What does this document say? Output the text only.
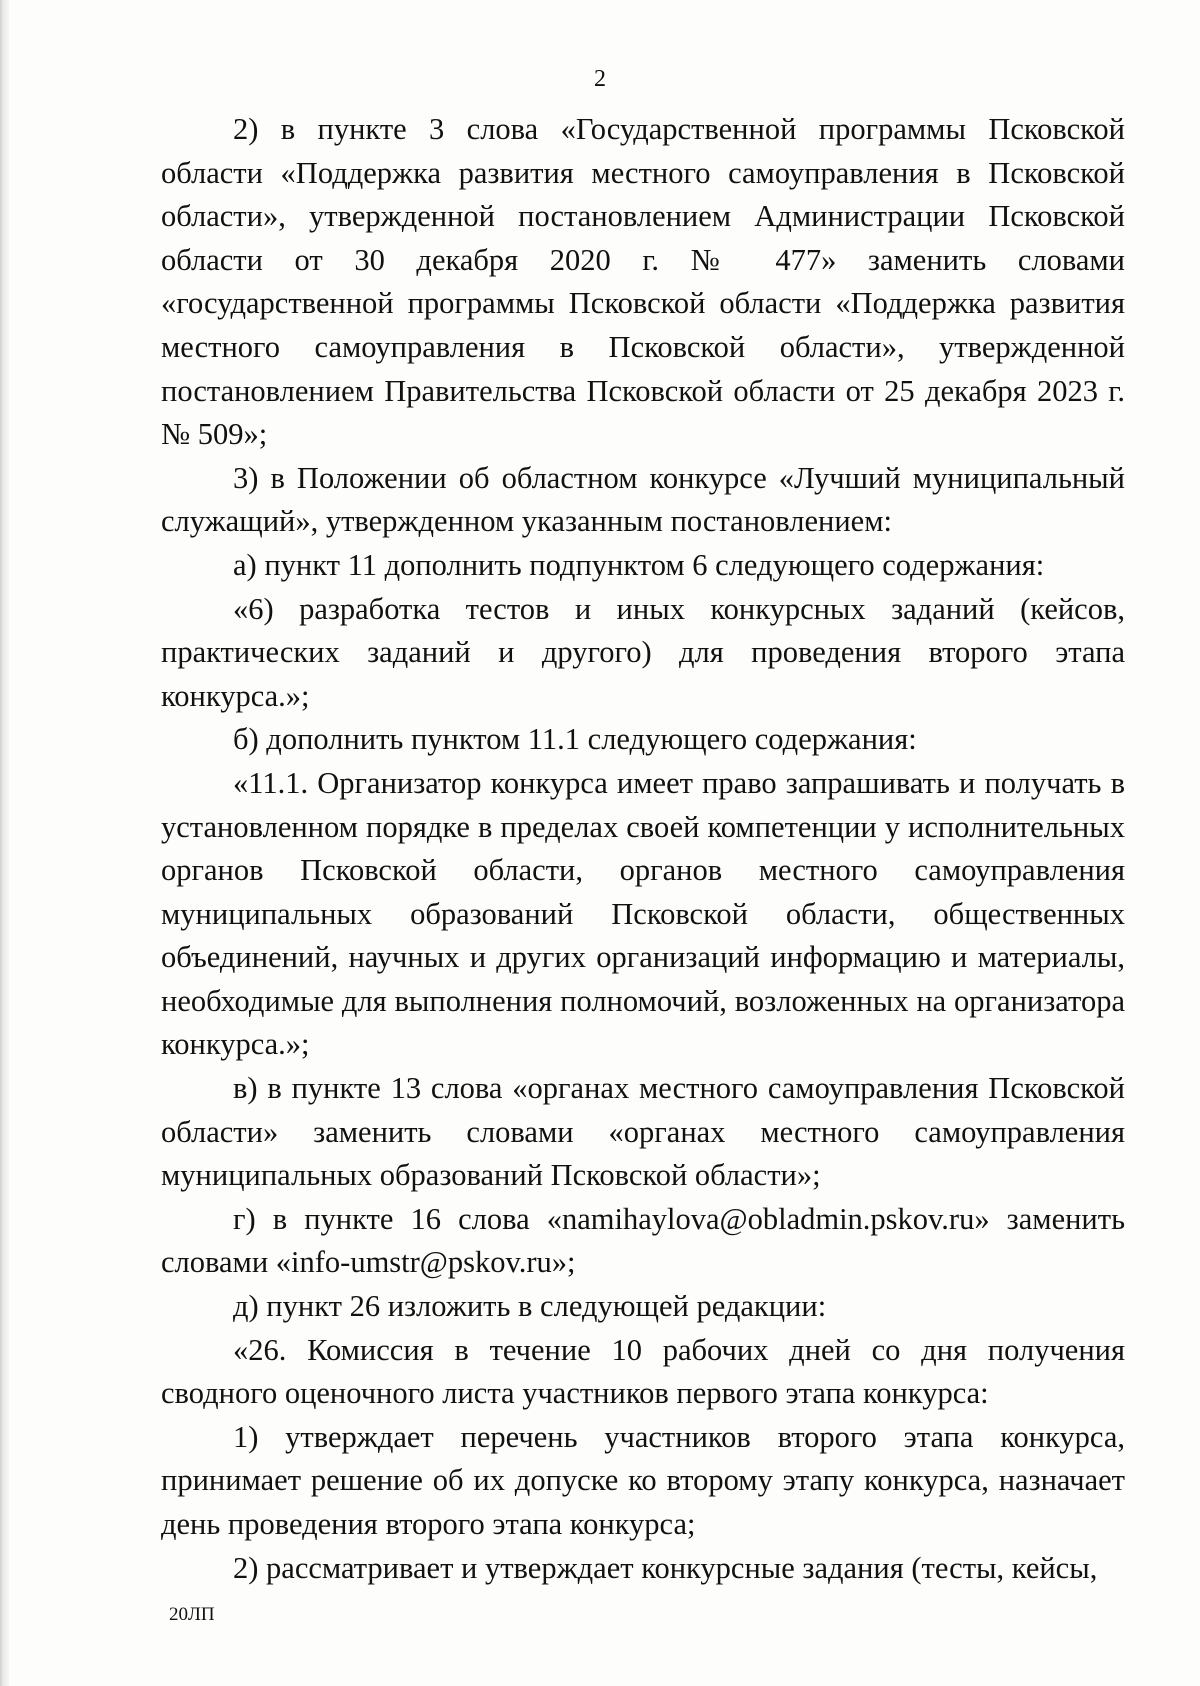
2

2) в пункте 3 слова «Государственной программы Псковской области «Поддержка развития местного самоуправления в Псковской области», утвержденной постановлением Администрации Псковской области от 30 декабря 2020 г. № 477» заменить словами «государственной программы Псковской области «Поддержка развития местного самоуправления в Псковской области», утвержденной постановлением Правительства Псковской области от 25 декабря 2023 г. № 509»;

3) в Положении об областном конкурсе «Лучший муниципальный служащий», утвержденном указанным постановлением:

а) пункт 11 дополнить подпунктом 6 следующего содержания:

«6) разработка тестов и иных конкурсных заданий (кейсов, практических заданий и другого) для проведения второго этапа конкурса.»;

б) дополнить пунктом 11.1 следующего содержания:

«11.1. Организатор конкурса имеет право запрашивать и получать в установленном порядке в пределах своей компетенции у исполнительных органов Псковской области, органов местного самоуправления муниципальных образований Псковской области, общественных объединений, научных и других организаций информацию и материалы, необходимые для выполнения полномочий, возложенных на организатора конкурса.»;

в) в пункте 13 слова «органах местного самоуправления Псковской области» заменить словами «органах местного самоуправления муниципальных образований Псковской области»;

г) в пункте 16 слова «namihaylova@obladmin.pskov.ru» заменить словами «info-umstr@pskov.ru»;

д) пункт 26 изложить в следующей редакции:

«26. Комиссия в течение 10 рабочих дней со дня получения сводного оценочного листа участников первого этапа конкурса:

1) утверждает перечень участников второго этапа конкурса, принимает решение об их допуске ко второму этапу конкурса, назначает день проведения второго этапа конкурса;

2) рассматривает и утверждает конкурсные задания (тесты, кейсы,

20ЛП
